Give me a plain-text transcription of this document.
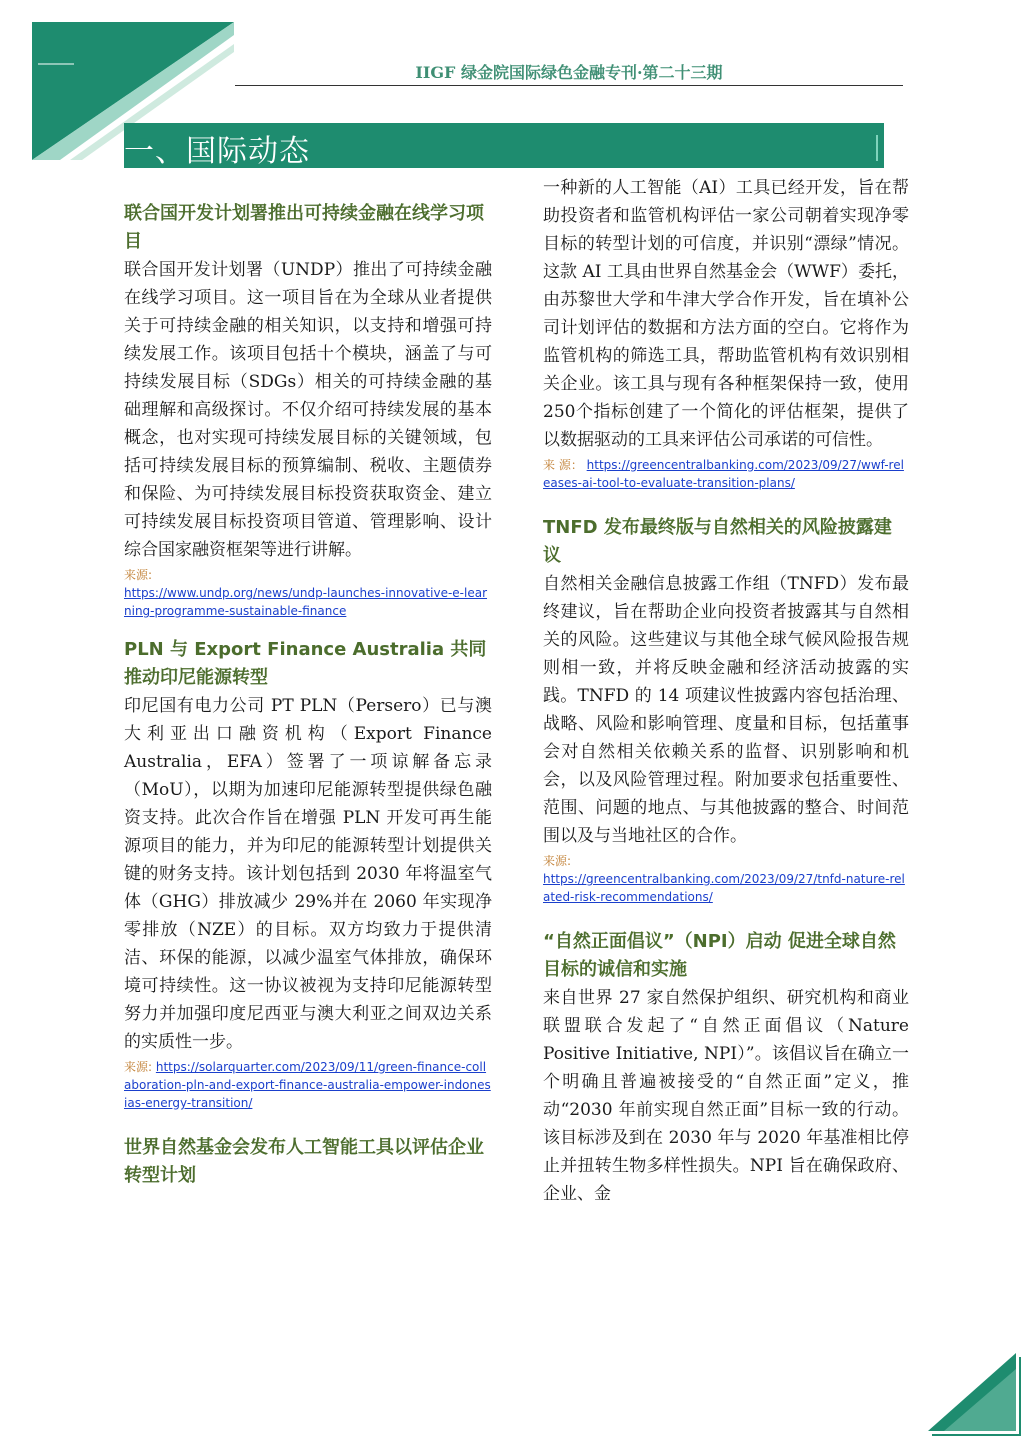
IIGF 绿金院国际绿色金融专刊·第二十三期
一、国际动态
联合国开发计划署推出可持续金融在线学习项目

联合国开发计划署（UNDP）推出了可持续金融在线学习项目。这一项目旨在为全球从业者提供关于可持续金融的相关知识，以支持和增强可持续发展工作。该项目包括十个模块，涵盖了与可持续发展目标（SDGs）相关的可持续金融的基础理解和高级探讨。不仅介绍可持续发展的基本概念，也对实现可持续发展目标的关键领域，包括可持续发展目标的预算编制、税收、主题债券和保险、为可持续发展目标投资获取资金、建立可持续发展目标投资项目管道、管理影响、设计综合国家融资框架等进行讲解。

来源:
https://www.undp.org/news/undp-launches-innovative-e-learning-programme-sustainable-finance

PLN 与 Export Finance Australia 共同推动印尼能源转型

印尼国有电力公司 PT PLN（Persero）已与澳大利亚出口融资机构（Export Finance Australia，EFA）签署了一项谅解备忘录（MoU），以期为加速印尼能源转型提供绿色融资支持。此次合作旨在增强 PLN 开发可再生能源项目的能力，并为印尼的能源转型计划提供关键的财务支持。该计划包括到 2030 年将温室气体（GHG）排放减少 29%并在 2060 年实现净零排放（NZE）的目标。双方均致力于提供清洁、环保的能源，以减少温室气体排放，确保环境可持续性。这一协议被视为支持印尼能源转型努力并加强印度尼西亚与澳大利亚之间双边关系的实质性一步。

来源: https://solarquarter.com/2023/09/11/green-finance-collaboration-pln-and-export-finance-australia-empower-indonesias-energy-transition/

世界自然基金会发布人工智能工具以评估企业转型计划

一种新的人工智能（AI）工具已经开发，旨在帮助投资者和监管机构评估一家公司朝着实现净零目标的转型计划的可信度，并识别“漂绿”情况。这款 AI 工具由世界自然基金会（WWF）委托，由苏黎世大学和牛津大学合作开发，旨在填补公司计划评估的数据和方法方面的空白。它将作为监管机构的筛选工具，帮助监管机构有效识别相关企业。该工具与现有各种框架保持一致，使用250个指标创建了一个简化的评估框架，提供了以数据驱动的工具来评估公司承诺的可信性。

来 源： https://greencentralbanking.com/2023/09/27/wwf-releases-ai-tool-to-evaluate-transition-plans/

TNFD 发布最终版与自然相关的风险披露建议

自然相关金融信息披露工作组（TNFD）发布最终建议，旨在帮助企业向投资者披露其与自然相关的风险。这些建议与其他全球气候风险报告规则相一致，并将反映金融和经济活动披露的实践。TNFD 的 14 项建议性披露内容包括治理、战略、风险和影响管理、度量和目标，包括董事会对自然相关依赖关系的监督、识别影响和机会，以及风险管理过程。附加要求包括重要性、范围、问题的地点、与其他披露的整合、时间范围以及与当地社区的合作。

来源:
https://greencentralbanking.com/2023/09/27/tnfd-nature-related-risk-recommendations/

“自然正面倡议”（NPI）启动 促进全球自然目标的诚信和实施

来自世界 27 家自然保护组织、研究机构和商业联盟联合发起了“自然正面倡议（Nature Positive Initiative, NPI）”。该倡议旨在确立一个明确且普遍被接受的“自然正面”定义，推动“2030 年前实现自然正面”目标一致的行动。该目标涉及到在 2030 年与 2020 年基准相比停止并扭转生物多样性损失。NPI 旨在确保政府、企业、金
